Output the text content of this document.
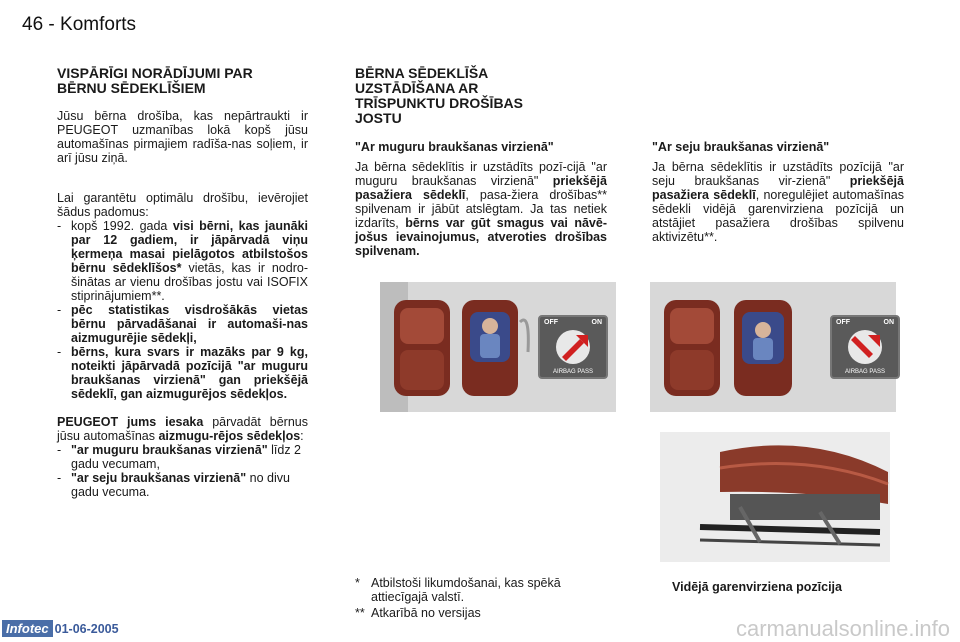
46 - Komforts
VISPĀRĪGI NORĀDĪJUMI PAR
BĒRNU SĒDEKLĪŠIEM

Jūsu bērna drošība, kas nepārtraukti ir PEUGEOT uzmanības lokā kopš jūsu automašīnas pirmajiem radīša-nas soļiem, ir arī jūsu ziņā.

Lai garantētu optimālu drošību, ievērojiet šādus padomus:

- kopš 1992. gada visi bērni, kas jaunāki par 12 gadiem, ir jāpārvadā viņu ķermeņa masai pielāgotos atbilstošos bērnu sēdeklīšos* vietās, kas ir nodro-šinātas ar vienu drošības jostu vai ISOFIX stiprinājumiem**.
- pēc statistikas visdrošākās vietas bērnu pārvadāšanai ir automaši-nas aizmugurējie sēdekļi,
- bērns, kura svars ir mazāks par 9 kg, noteikti jāpārvadā pozīcijā "ar muguru braukšanas virzienā" gan priekšējā sēdeklī, gan aizmugurējos sēdekļos.

PEUGEOT jums iesaka pārvadāt bērnus jūsu automašīnas aizmugu-rējos sēdekļos:

- "ar muguru braukšanas virzienā" līdz 2 gadu vecumam,
- "ar seju braukšanas virzienā" no divu gadu vecuma.
BĒRNA SĒDEKLĪŠA
UZSTĀDĪŠANA AR
TRĪSPUNKTU DROŠĪBAS
JOSTU
"Ar muguru braukšanas virzienā"

Ja bērna sēdeklītis ir uzstādīts pozī-cijā "ar muguru braukšanas virzienā" priekšējā pasažiera sēdeklī, pasa-žiera drošības** spilvenam ir jābūt atslēgtam. Ja tas netiek izdarīts, bērns var gūt smagus vai nāvē-jošus ievainojumus, atveroties drošības spilvenam.

OFF	ON
AIRBAG PASS
"Ar seju braukšanas virzienā"

Ja bērna sēdeklītis ir uzstādīts pozīcijā "ar seju braukšanas vir-zienā" priekšējā pasažiera sēdeklī, noregulējiet automašīnas sēdekli vidējā garenvirziena pozīcijā un atstājiet pasažiera drošības spilvenu aktivizētu**.

OFF	ON
AIRBAG PASS
* Atbilstoši likumdošanai, kas spēkā attiecīgajā valstī.
** Atkarībā no versijas
Vidējā garenvirziena pozīcija
Infotec 01-06-2005	carmanualsonline.info
